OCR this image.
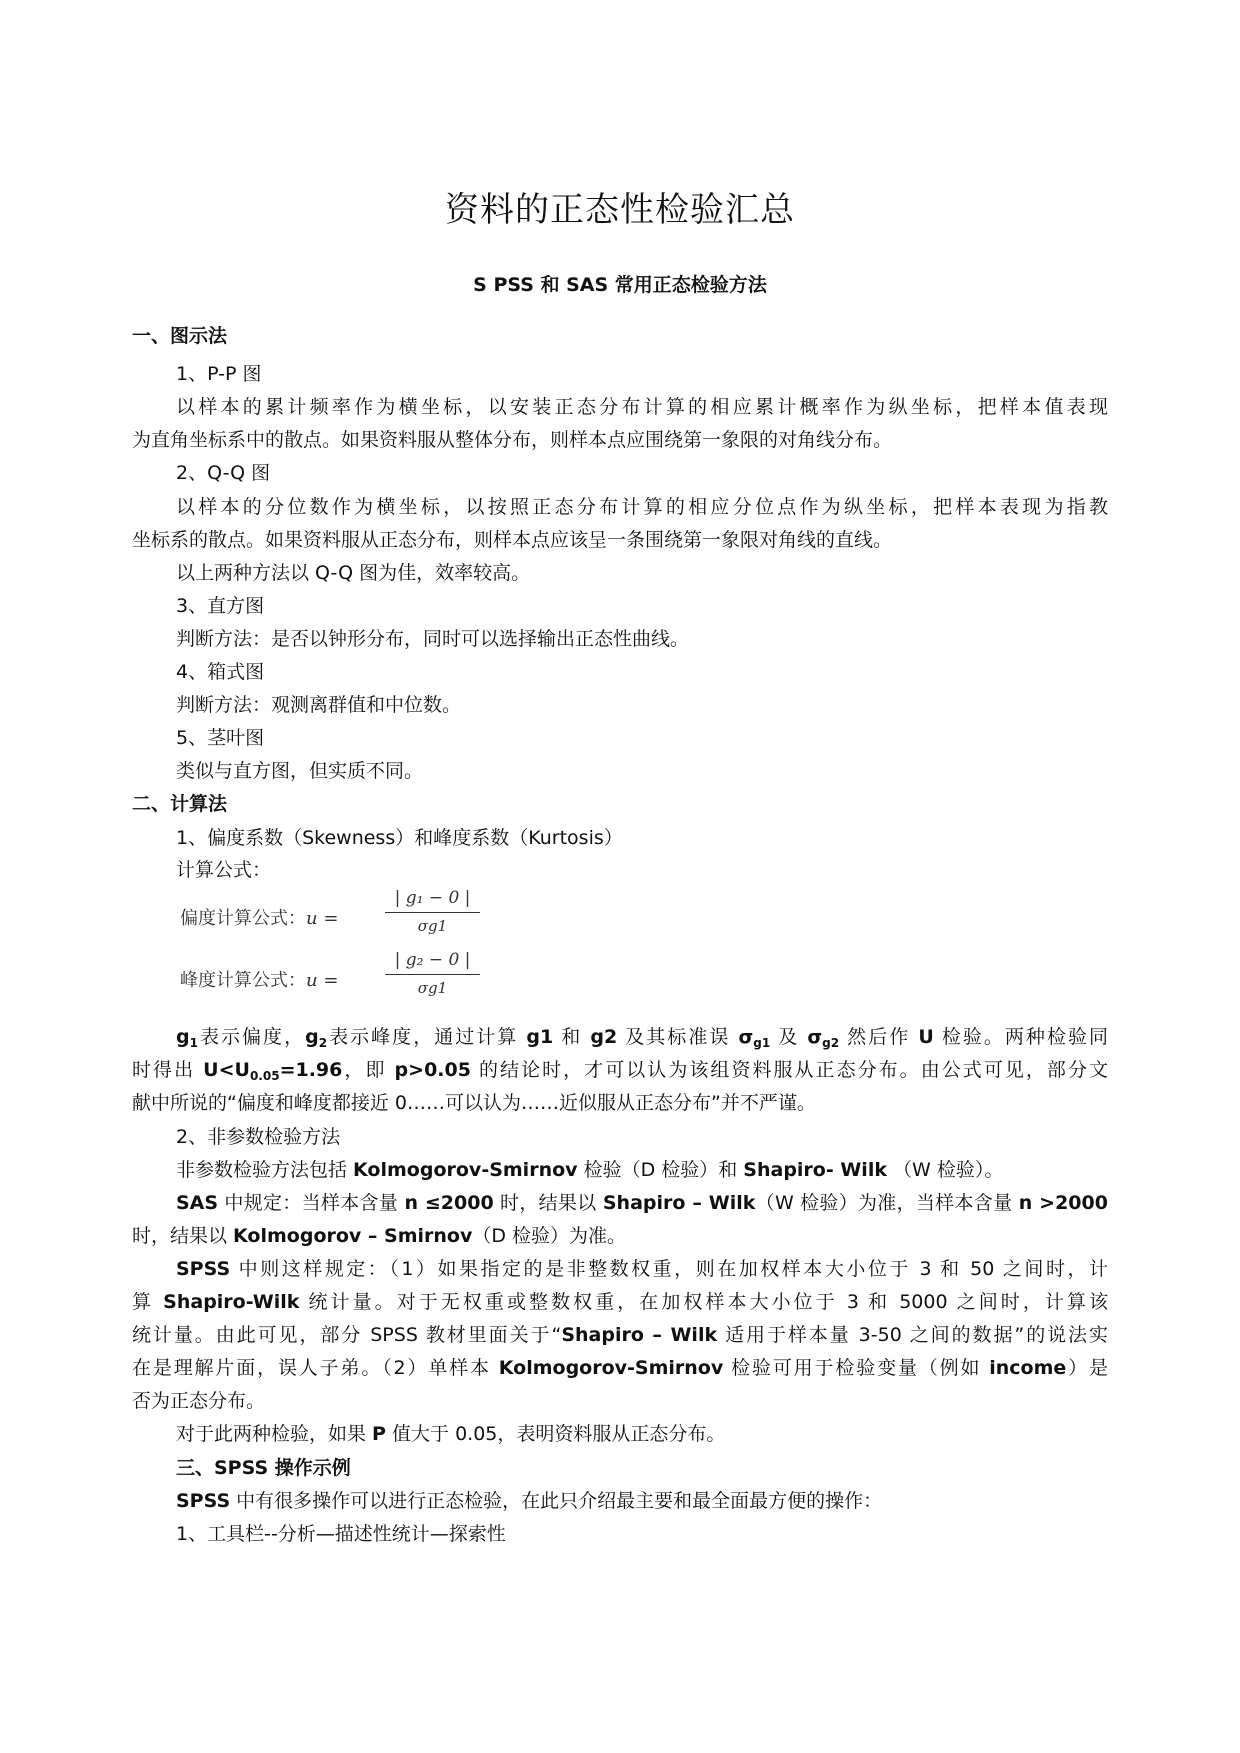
资料的正态性检验汇总
S PSS 和 SAS 常用正态检验方法
一、图示法
1、P-P 图
以样本的累计频率作为横坐标，以安装正态分布计算的相应累计概率作为纵坐标，把样本值表现
为直角坐标系中的散点。如果资料服从整体分布，则样本点应围绕第一象限的对角线分布。
2、Q-Q 图
以样本的分位数作为横坐标，以按照正态分布计算的相应分位点作为纵坐标，把样本表现为指教
坐标系的散点。如果资料服从正态分布，则样本点应该呈一条围绕第一象限对角线的直线。
以上两种方法以 Q-Q 图为佳，效率较高。
3、直方图
判断方法：是否以钟形分布，同时可以选择输出正态性曲线。
4、箱式图
判断方法：观测离群值和中位数。
5、茎叶图
类似与直方图，但实质不同。
二、计算法
1、偏度系数（Skewness）和峰度系数（Kurtosis）
计算公式：
偏度计算公式：u =
| g₁ − 0 |
σg1
峰度计算公式：u =
| g₂ − 0 |
σg1
$g_1$表示偏度，$g_2$表示峰度，通过计算 g1 和 g2 及其标准误 $\sigma_{g1}$ 及 $\sigma_{g2}$ 然后作 U 检验。两种检验同
时得出 $U<U_{0.05}=1.96$，即 p>0.05 的结论时，才可以认为该组资料服从正态分布。由公式可见，部分文
献中所说的“偏度和峰度都接近 0……可以认为……近似服从正态分布”并不严谨。
2、非参数检验方法
非参数检验方法包括 Kolmogorov-Smirnov 检验（D 检验）和 Shapiro- Wilk （W 检验）。
SAS 中规定：当样本含量 n ≤2000 时，结果以 Shapiro – Wilk（W 检验）为准，当样本含量 n >2000
时，结果以 Kolmogorov – Smirnov（D 检验）为准。
SPSS 中则这样规定：（1）如果指定的是非整数权重，则在加权样本大小位于 3 和 50 之间时，计
算 Shapiro-Wilk 统计量。对于无权重或整数权重，在加权样本大小位于 3 和 5000 之间时，计算该
统计量。由此可见，部分 SPSS 教材里面关于“Shapiro – Wilk 适用于样本量 3-50 之间的数据”的说法实
在是理解片面，误人子弟。（2）单样本 Kolmogorov-Smirnov 检验可用于检验变量（例如 income）是
否为正态分布。
对于此两种检验，如果 P 值大于 0.05，表明资料服从正态分布。
三、SPSS 操作示例
SPSS 中有很多操作可以进行正态检验，在此只介绍最主要和最全面最方便的操作：
1、工具栏--分析—描述性统计—探索性
